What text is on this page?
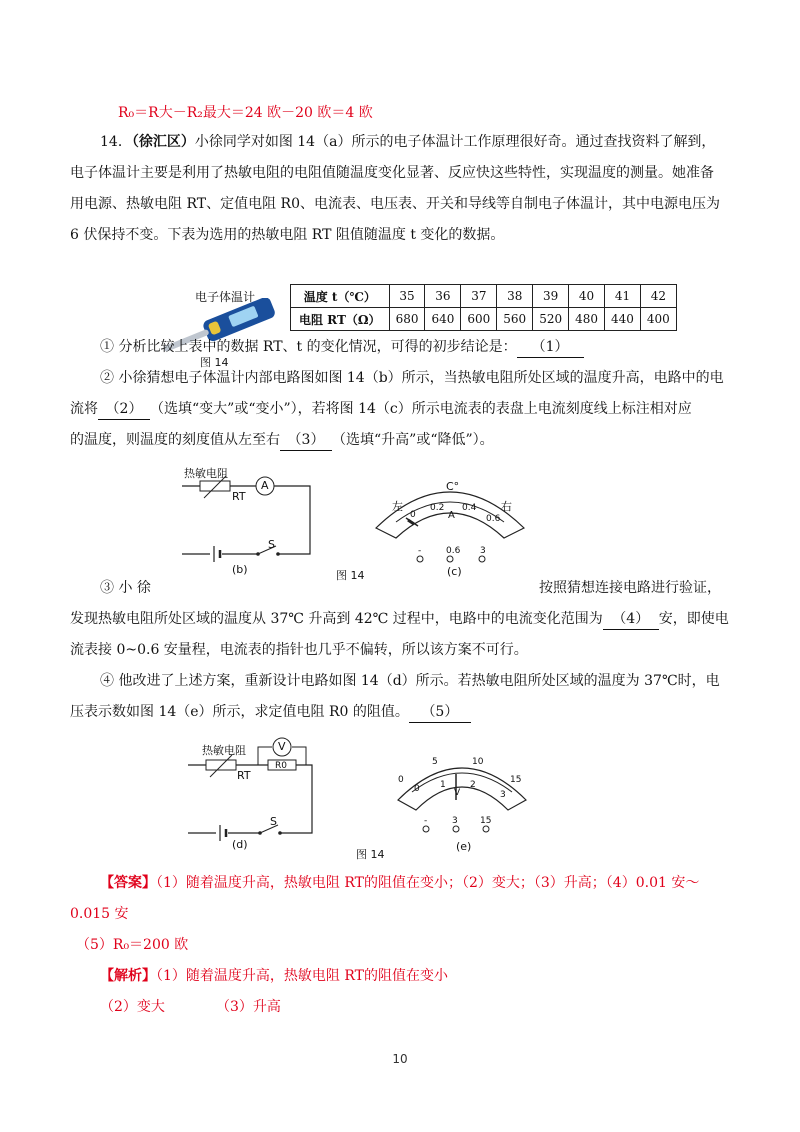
R₀＝R大－R₂最大＝24 欧－20 欧＝4 欧
14．（徐汇区）小徐同学对如图 14（a）所示的电子体温计工作原理很好奇。通过查找资料了解到，
电子体温计主要是利用了热敏电阻的电阻值随温度变化显著、反应快这些特性，实现温度的测量。她准备
用电源、热敏电阻 RT、定值电阻 R0、电流表、电压表、开关和导线等自制电子体温计，其中电源电压为
6 伏保持不变。下表为选用的热敏电阻 RT 阻值随温度 t 变化的数据。
电子体温计	温度 t（℃）	35	36	37	38	39	40	41	42
电阻 RT（Ω）	680	640	600	560	520	480	440	400
① 分析比较上表中的数据 RT、t 的变化情况，可得的初步结论是： （1）
图 14
② 小徐猜想电子体温计内部电路图如图 14（b）所示，当热敏电阻所处区域的温度升高，电路中的电
流将 （2） （选填“变大”或“变小”），若将图 14（c）所示电流表的表盘上电流刻度线上标注相对应
的温度，则温度的刻度值从左至右 （3） （选填“升高”或“降低”）。
热敏电阻
RT
A
S
(b)
左	右
C°
0
0.2 0.4
0.6
A
-	0.6 3
(c)
图 14
③ 小 徐	按照猜想连接电路进行验证，
发现热敏电阻所处区域的温度从 37℃ 升高到 42℃ 过程中，电路中的电流变化范围为 （4） 安，即使电
流表接 0~0.6 安量程，电流表的指针也几乎不偏转，所以该方案不可行。
④ 他改进了上述方案，重新设计电路如图 14（d）所示。若热敏电阻所处区域的温度为 37℃时，电
压表示数如图 14（e）所示，求定值电阻 R0 的阻值。 （5）
热敏电阻
RT
R0
V
S
(d)
0
5	10
15
0 1	2
3
V
-	3 15
(e)
图 14
【答案】（1）随着温度升高，热敏电阻 RT的阻值在变小；（2）变大；（3）升高；（4）0.01 安～
0.015 安
（5）R₀＝200 欧
【解析】（1）随着温度升高，热敏电阻 RT的阻值在变小
（2）变大	（3）升高
10
